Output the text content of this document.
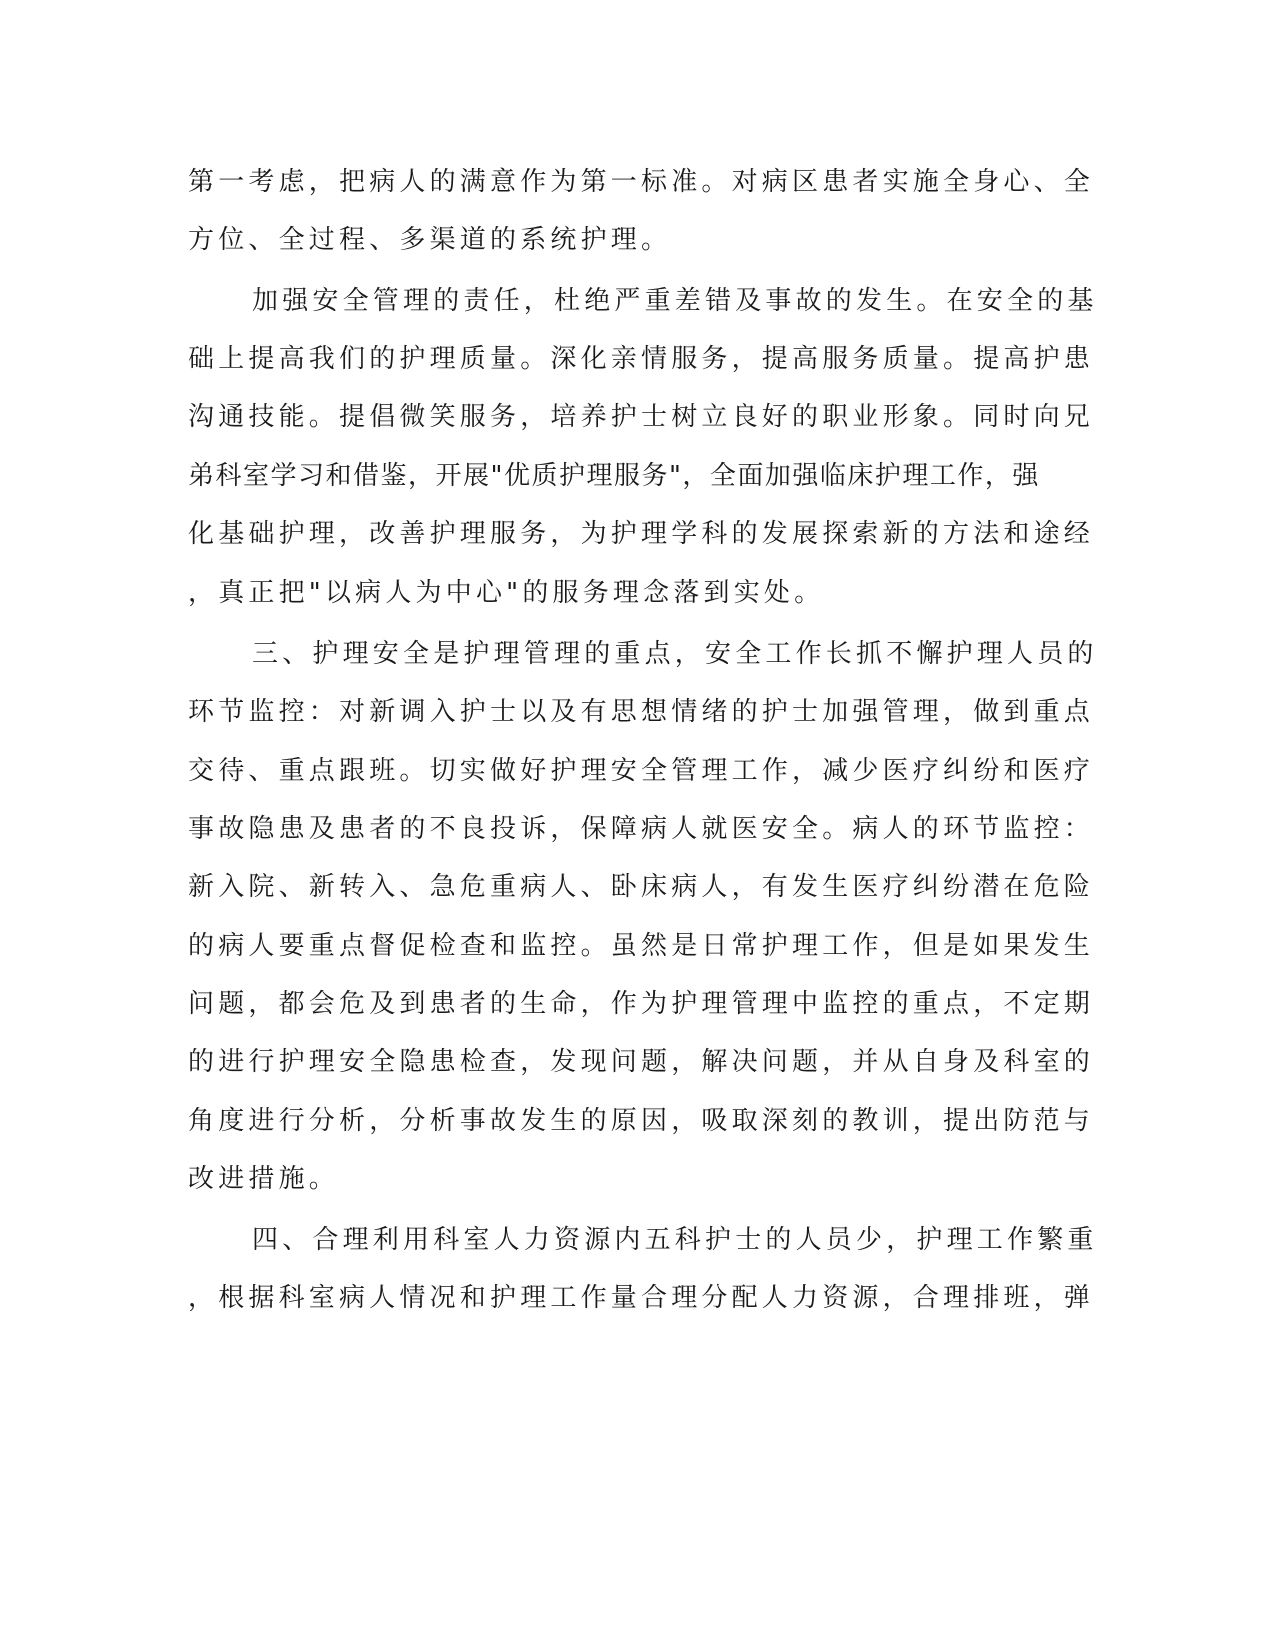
第一考虑，把病人的满意作为第一标准。对病区患者实施全身心、全
方位、全过程、多渠道的系统护理。
加强安全管理的责任，杜绝严重差错及事故的发生。在安全的基
础上提高我们的护理质量。深化亲情服务，提高服务质量。提高护患
沟通技能。提倡微笑服务，培养护士树立良好的职业形象。同时向兄
弟科室学习和借鉴，开展"优质护理服务"，全面加强临床护理工作，强
化基础护理，改善护理服务，为护理学科的发展探索新的方法和途经
，真正把"以病人为中心"的服务理念落到实处。
三、护理安全是护理管理的重点，安全工作长抓不懈护理人员的
环节监控：对新调入护士以及有思想情绪的护士加强管理，做到重点
交待、重点跟班。切实做好护理安全管理工作，减少医疗纠纷和医疗
事故隐患及患者的不良投诉，保障病人就医安全。病人的环节监控：
新入院、新转入、急危重病人、卧床病人，有发生医疗纠纷潜在危险
的病人要重点督促检查和监控。虽然是日常护理工作，但是如果发生
问题，都会危及到患者的生命，作为护理管理中监控的重点，不定期
的进行护理安全隐患检查，发现问题，解决问题，并从自身及科室的
角度进行分析，分析事故发生的原因，吸取深刻的教训，提出防范与
改进措施。
四、合理利用科室人力资源内五科护士的人员少，护理工作繁重
，根据科室病人情况和护理工作量合理分配人力资源，合理排班，弹
